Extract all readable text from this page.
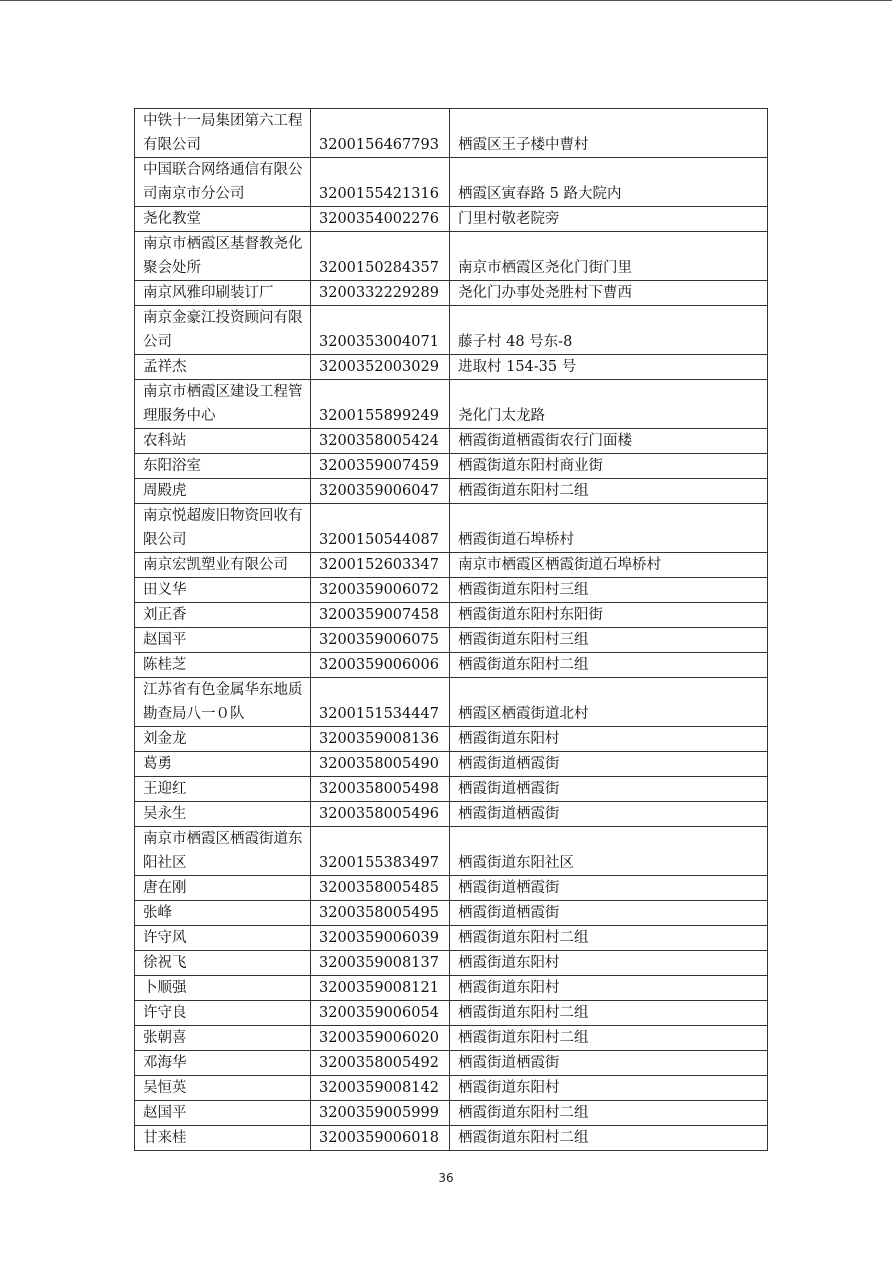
中铁十一局集团第六工程有限公司	3200156467793	栖霞区王子楼中曹村

中国联合网络通信有限公司南京市分公司	3200155421316	栖霞区寅春路 5 路大院内

尧化教堂	3200354002276	门里村敬老院旁

南京市栖霞区基督教尧化聚会处所	3200150284357	南京市栖霞区尧化门街门里

南京风雅印刷装订厂	3200332229289	尧化门办事处尧胜村下曹西

南京金豪江投资顾问有限公司	3200353004071	藤子村 48 号东-8

孟祥杰	3200352003029	进取村 154-35 号

南京市栖霞区建设工程管理服务中心	3200155899249	尧化门太龙路

农科站	3200358005424	栖霞街道栖霞街农行门面楼

东阳浴室	3200359007459	栖霞街道东阳村商业街

周殿虎	3200359006047	栖霞街道东阳村二组

南京悦超废旧物资回收有限公司	3200150544087	栖霞街道石埠桥村

南京宏凯塑业有限公司	3200152603347	南京市栖霞区栖霞街道石埠桥村

田义华	3200359006072	栖霞街道东阳村三组

刘正香	3200359007458	栖霞街道东阳村东阳街

赵国平	3200359006075	栖霞街道东阳村三组

陈桂芝	3200359006006	栖霞街道东阳村二组

江苏省有色金属华东地质勘查局八一０队	3200151534447	栖霞区栖霞街道北村

刘金龙	3200359008136	栖霞街道东阳村

葛勇	3200358005490	栖霞街道栖霞街

王迎红	3200358005498	栖霞街道栖霞街

吴永生	3200358005496	栖霞街道栖霞街

南京市栖霞区栖霞街道东阳社区	3200155383497	栖霞街道东阳社区

唐在刚	3200358005485	栖霞街道栖霞街

张峰	3200358005495	栖霞街道栖霞街

许守风	3200359006039	栖霞街道东阳村二组

徐祝飞	3200359008137	栖霞街道东阳村

卜顺强	3200359008121	栖霞街道东阳村

许守良	3200359006054	栖霞街道东阳村二组

张朝喜	3200359006020	栖霞街道东阳村二组

邓海华	3200358005492	栖霞街道栖霞街

吴恒英	3200359008142	栖霞街道东阳村

赵国平	3200359005999	栖霞街道东阳村二组

甘来桂	3200359006018	栖霞街道东阳村二组
36
